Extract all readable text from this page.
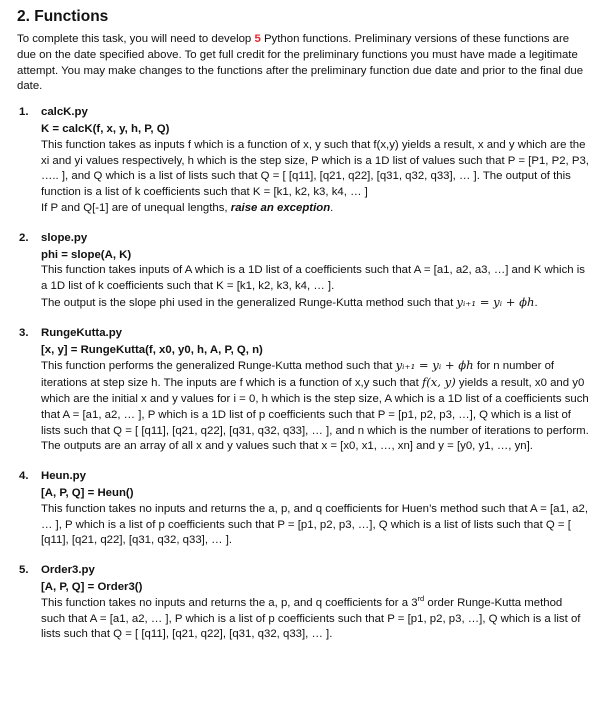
2. Functions

To complete this task, you will need to develop 5 Python functions. Preliminary versions of these functions are due on the date specified above. To get full credit for the preliminary functions you must have made a legitimate attempt. You may make changes to the functions after the preliminary function due date and prior to the final due date.

1. calcK.py
K = calcK(f, x, y, h, P, Q)
This function takes as inputs f which is a function of x, y such that f(x,y) yields a result, x and y which are the xi and yi values respectively, h which is the step size, P which is a 1D list of values such that P = [P1, P2, P3, ….. ], and Q which is a list of lists such that Q = [ [q11], [q21, q22], [q31, q32, q33], … ]. The output of this function is a list of k coefficients such that K = [k1, k2, k3, k4, … ]
If P and Q[-1] are of unequal lengths, raise an exception.
2. slope.py
phi = slope(A, K)
This function takes inputs of A which is a 1D list of a coefficients such that A = [a1, a2, a3, …] and K which is a 1D list of k coefficients such that K = [k1, k2, k3, k4, … ].
The output is the slope phi used in the generalized Runge-Kutta method such that yᵢ₊₁ = yᵢ + ϕh.
3. RungeKutta.py
[x, y] = RungeKutta(f, x0, y0, h, A, P, Q, n)
This function performs the generalized Runge-Kutta method such that yᵢ₊₁ = yᵢ + ϕh for n number of iterations at step size h. The inputs are f which is a function of x,y such that f(x, y) yields a result, x0 and y0 which are the initial x and y values for i = 0, h which is the step size, A which is a 1D list of a coefficients such that A = [a1, a2, … ], P which is a 1D list of p coefficients such that P = [p1, p2, p3, …], Q which is a list of lists such that Q = [ [q11], [q21, q22], [q31, q32, q33], … ], and n which is the number of iterations to perform. The outputs are an array of all x and y values such that x = [x0, x1, …, xn] and y = [y0, y1, …, yn].
4. Heun.py
[A, P, Q] = Heun()
This function takes no inputs and returns the a, p, and q coefficients for Huen’s method such that A = [a1, a2, … ], P which is a list of p coefficients such that P = [p1, p2, p3, …], Q which is a list of lists such that Q = [ [q11], [q21, q22], [q31, q32, q33], … ].
5. Order3.py
[A, P, Q] = Order3()
This function takes no inputs and returns the a, p, and q coefficients for a 3rd order Runge-Kutta method such that A = [a1, a2, … ], P which is a list of p coefficients such that P = [p1, p2, p3, …], Q which is a list of lists such that Q = [ [q11], [q21, q22], [q31, q32, q33], … ].
